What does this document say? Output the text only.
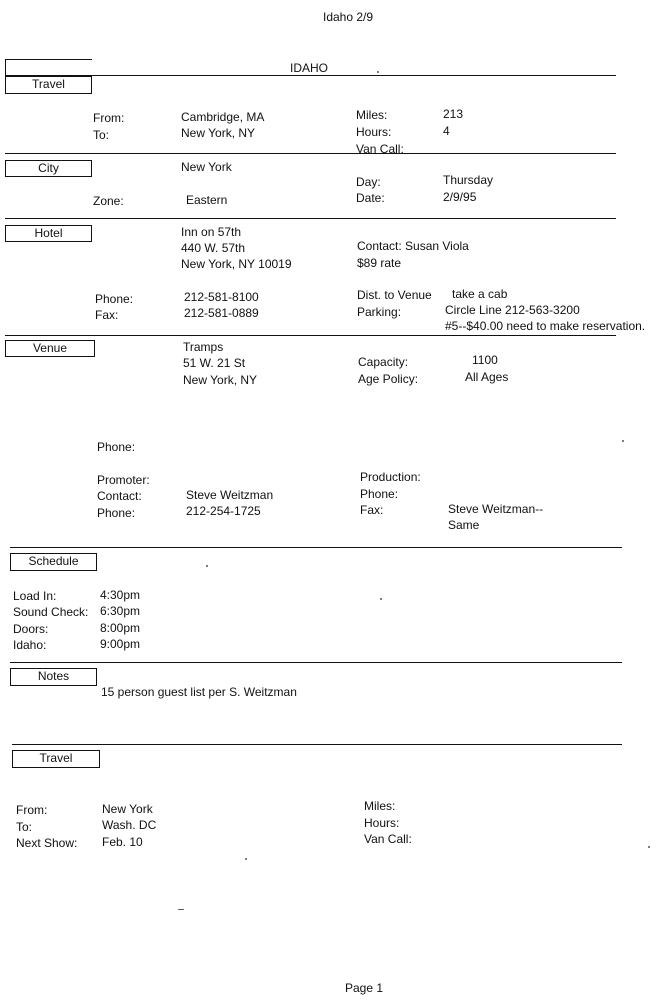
Idaho 2/9
IDAHO
Travel
From:	Cambridge, MA
To:	New York, NY
Miles:	213
Hours:	4
Van Call:
City	New York
Zone:	Eastern
Day:	Thursday
Date:	2/9/95
Hotel	Inn on 57th
440 W. 57th
New York, NY 10019
Contact: Susan Viola
$89 rate
Phone:	212-581-8100
Fax:	212-581-0889
Dist. to Venue take a cab
Parking:	Circle Line 212-563-3200
#5--$40.00 need to make reservation.
Venue	Tramps
51 W. 21 St
New York, NY
Capacity:	1100
Age Policy:	All Ages
Phone:
Promoter:
Contact:	Steve Weitzman
Phone:	212-254-1725
Production:
Phone:
Fax:	Steve Weitzman--
Same
Schedule
Load In:	4:30pm
Sound Check: 6:30pm
Doors:	8:00pm
Idaho:	9:00pm
Notes
15 person guest list per S. Weitzman
Travel
From:	New York
To:	Wash. DC
Next Show: Feb. 10
Miles:
Hours:
Van Call:
Page 1
